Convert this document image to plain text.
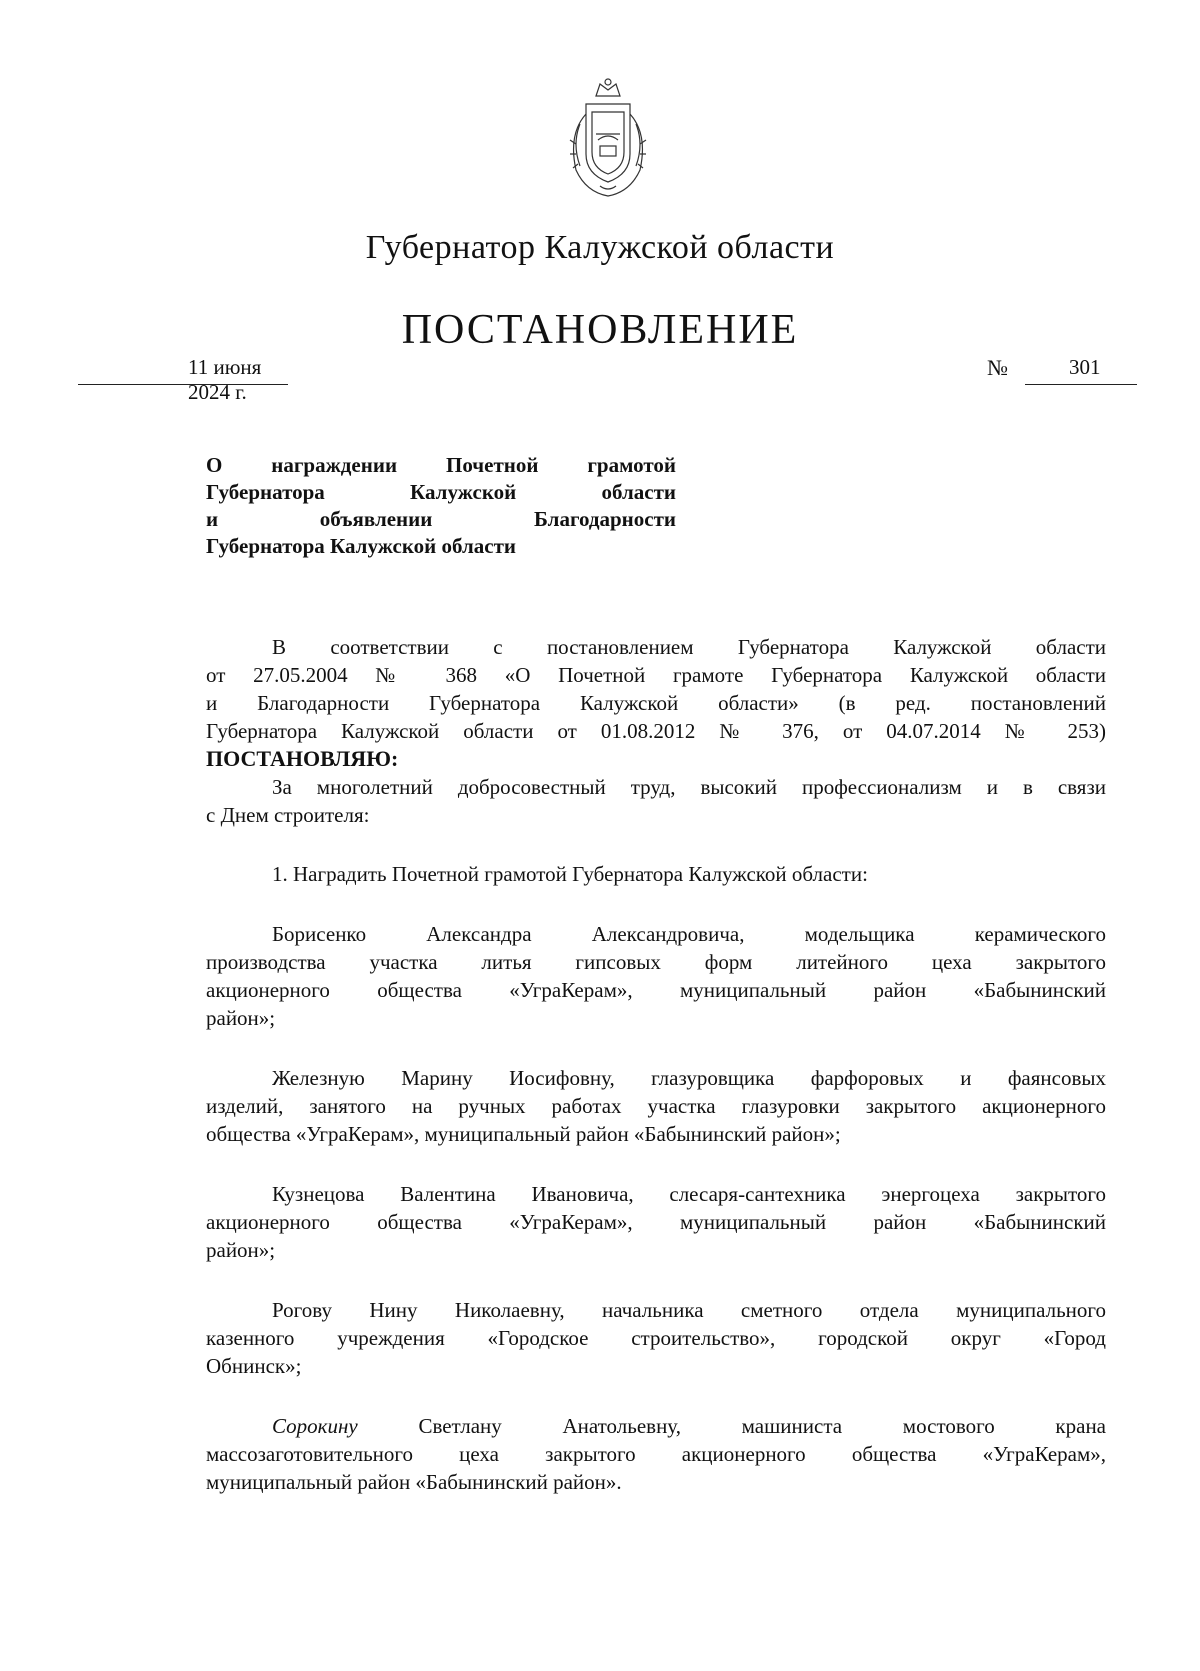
Губернатор Калужской области
ПОСТАНОВЛЕНИЕ
11 июня 2024 г.
№	301
О награждении Почетной грамотой
Губернатора Калужской области
и объявлении Благодарности
Губернатора Калужской области
В соответствии с постановлением Губернатора Калужской области
от 27.05.2004 № 368 «О Почетной грамоте Губернатора Калужской области
и Благодарности Губернатора Калужской области» (в ред. постановлений
Губернатора Калужской области от 01.08.2012 № 376, от 04.07.2014 № 253)
ПОСТАНОВЛЯЮ:
За многолетний добросовестный труд, высокий профессионализм и в связи
с Днем строителя:
1. Наградить Почетной грамотой Губернатора Калужской области:
Борисенко Александра Александровича, модельщика керамического
производства участка литья гипсовых форм литейного цеха закрытого
акционерного общества «УграКерам», муниципальный район «Бабынинский
район»;
Железную Марину Иосифовну, глазуровщика фарфоровых и фаянсовых
изделий, занятого на ручных работах участка глазуровки закрытого акционерного
общества «УграКерам», муниципальный район «Бабынинский район»;
Кузнецова Валентина Ивановича, слесаря-сантехника энергоцеха закрытого
акционерного общества «УграКерам», муниципальный район «Бабынинский
район»;
Рогову Нину Николаевну, начальника сметного отдела муниципального
казенного учреждения «Городское строительство», городской округ «Город
Обнинск»;
Сорокину	Светлану Анатольевну, машиниста мостового крана
массозаготовительного цеха закрытого акционерного общества «УграКерам»,
муниципальный район «Бабынинский район».
